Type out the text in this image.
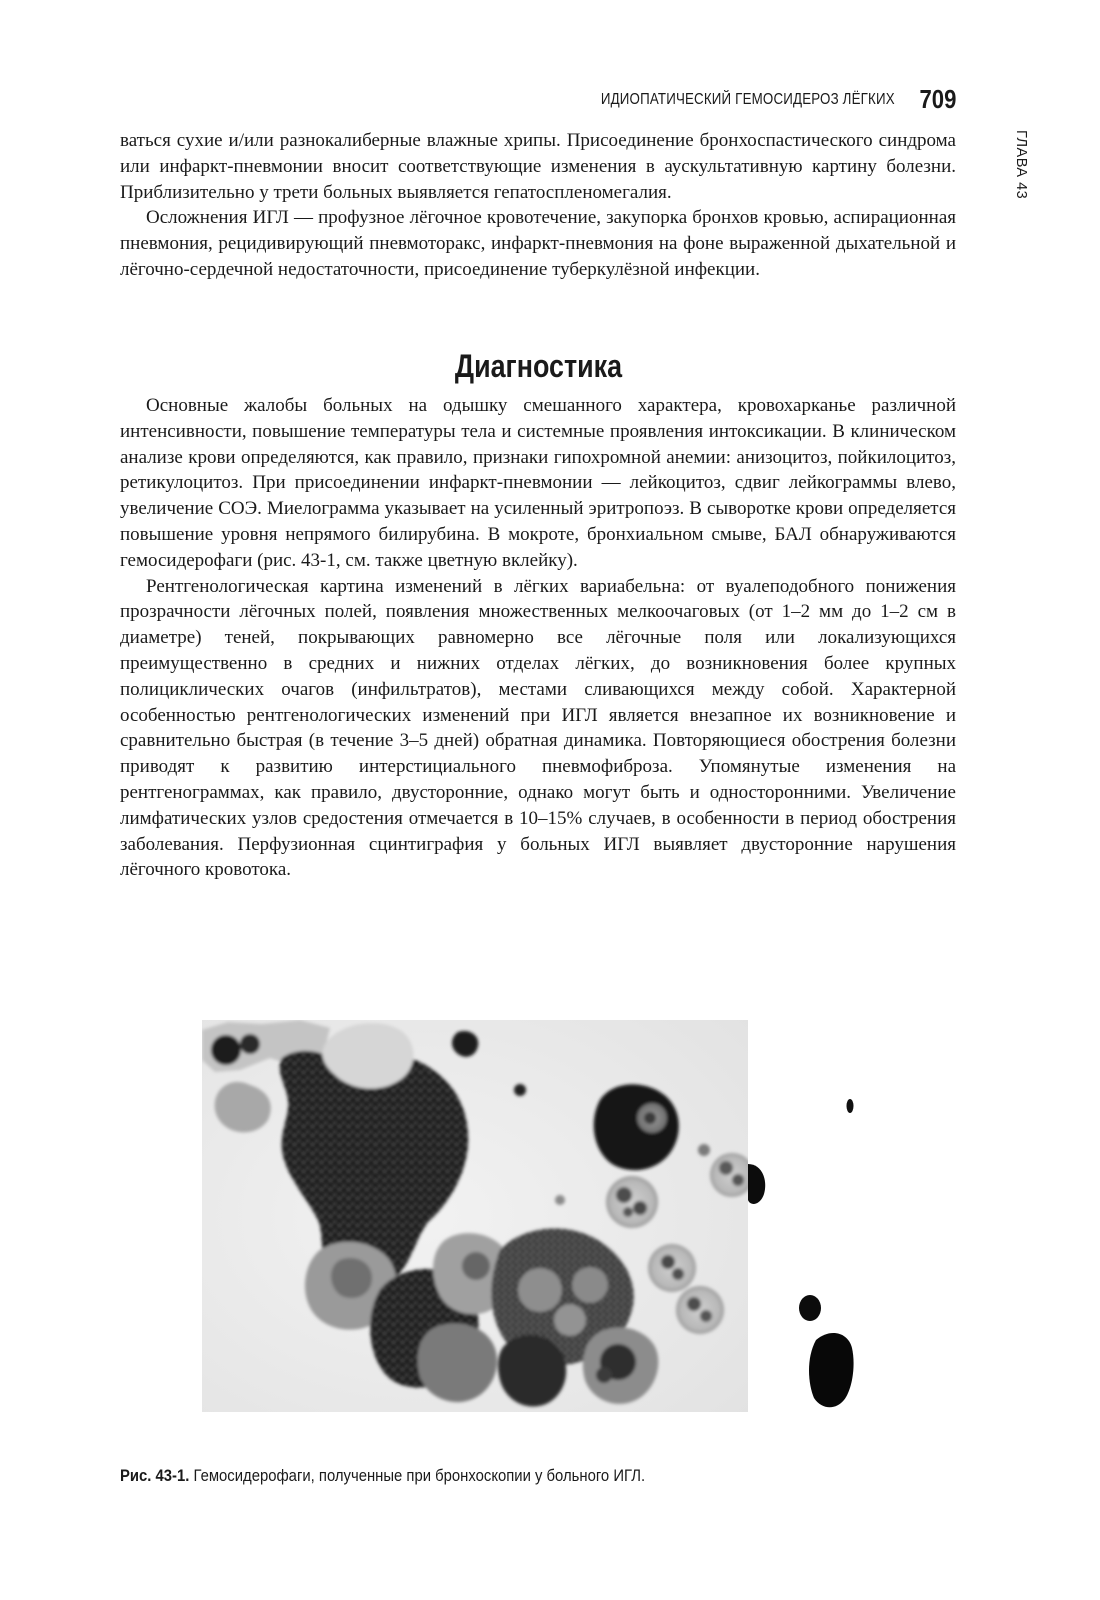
ИДИОПАТИЧЕСКИЙ ГЕМОСИДЕРОЗ ЛЁГКИХ 709
ГЛАВА 43

ваться сухие и/или разнокалиберные влажные хрипы. Присоединение бронхоспастического синдрома или инфаркт-пневмонии вносит соответствующие изменения в аускультативную картину болезни. Приблизительно у трети больных выявляется гепатоспленомегалия.

Осложнения ИГЛ — профузное лёгочное кровотечение, закупорка бронхов кровью, аспирационная пневмония, рецидивирующий пневмоторакс, инфаркт-пневмония на фоне выраженной дыхательной и лёгочно-сердечной недостаточности, присоединение туберкулёзной инфекции.

Диагностика

Основные жалобы больных на одышку смешанного характера, кровохарканье различной интенсивности, повышение температуры тела и системные проявления интоксикации. В клиническом анализе крови определяются, как правило, признаки гипохромной анемии: анизоцитоз, пойкилоцитоз, ретикулоцитоз. При присоединении инфаркт-пневмонии — лейкоцитоз, сдвиг лейкограммы влево, увеличение СОЭ. Миелограмма указывает на усиленный эритропоэз. В сыворотке крови определяется повышение уровня непрямого билирубина. В мокроте, бронхиальном смыве, БАЛ обнаруживаются гемосидерофаги (рис. 43-1, см. также цветную вклейку).

Рентгенологическая картина изменений в лёгких вариабельна: от вуалеподобного понижения прозрачности лёгочных полей, появления множественных мелкоочаговых (от 1–2 мм до 1–2 см в диаметре) теней, покрывающих равномерно все лёгочные поля или локализующихся преимущественно в средних и нижних отделах лёгких, до возникновения более крупных полициклических очагов (инфильтратов), местами сливающихся между собой. Характерной особенностью рентгенологических изменений при ИГЛ является внезапное их возникновение и сравнительно быстрая (в течение 3–5 дней) обратная динамика. Повторяющиеся обострения болезни приводят к развитию интерстициального пневмофиброза. Упомянутые изменения на рентгенограммах, как правило, двусторонние, однако могут быть и односторонними. Увеличение лимфатических узлов средостения отмечается в 10–15% случаев, в особенности в период обострения заболевания. Перфузионная сцинтиграфия у больных ИГЛ выявляет двусторонние нарушения лёгочного кровотока.

Рис. 43-1. Гемосидерофаги, полученные при бронхоскопии у больного ИГЛ.
